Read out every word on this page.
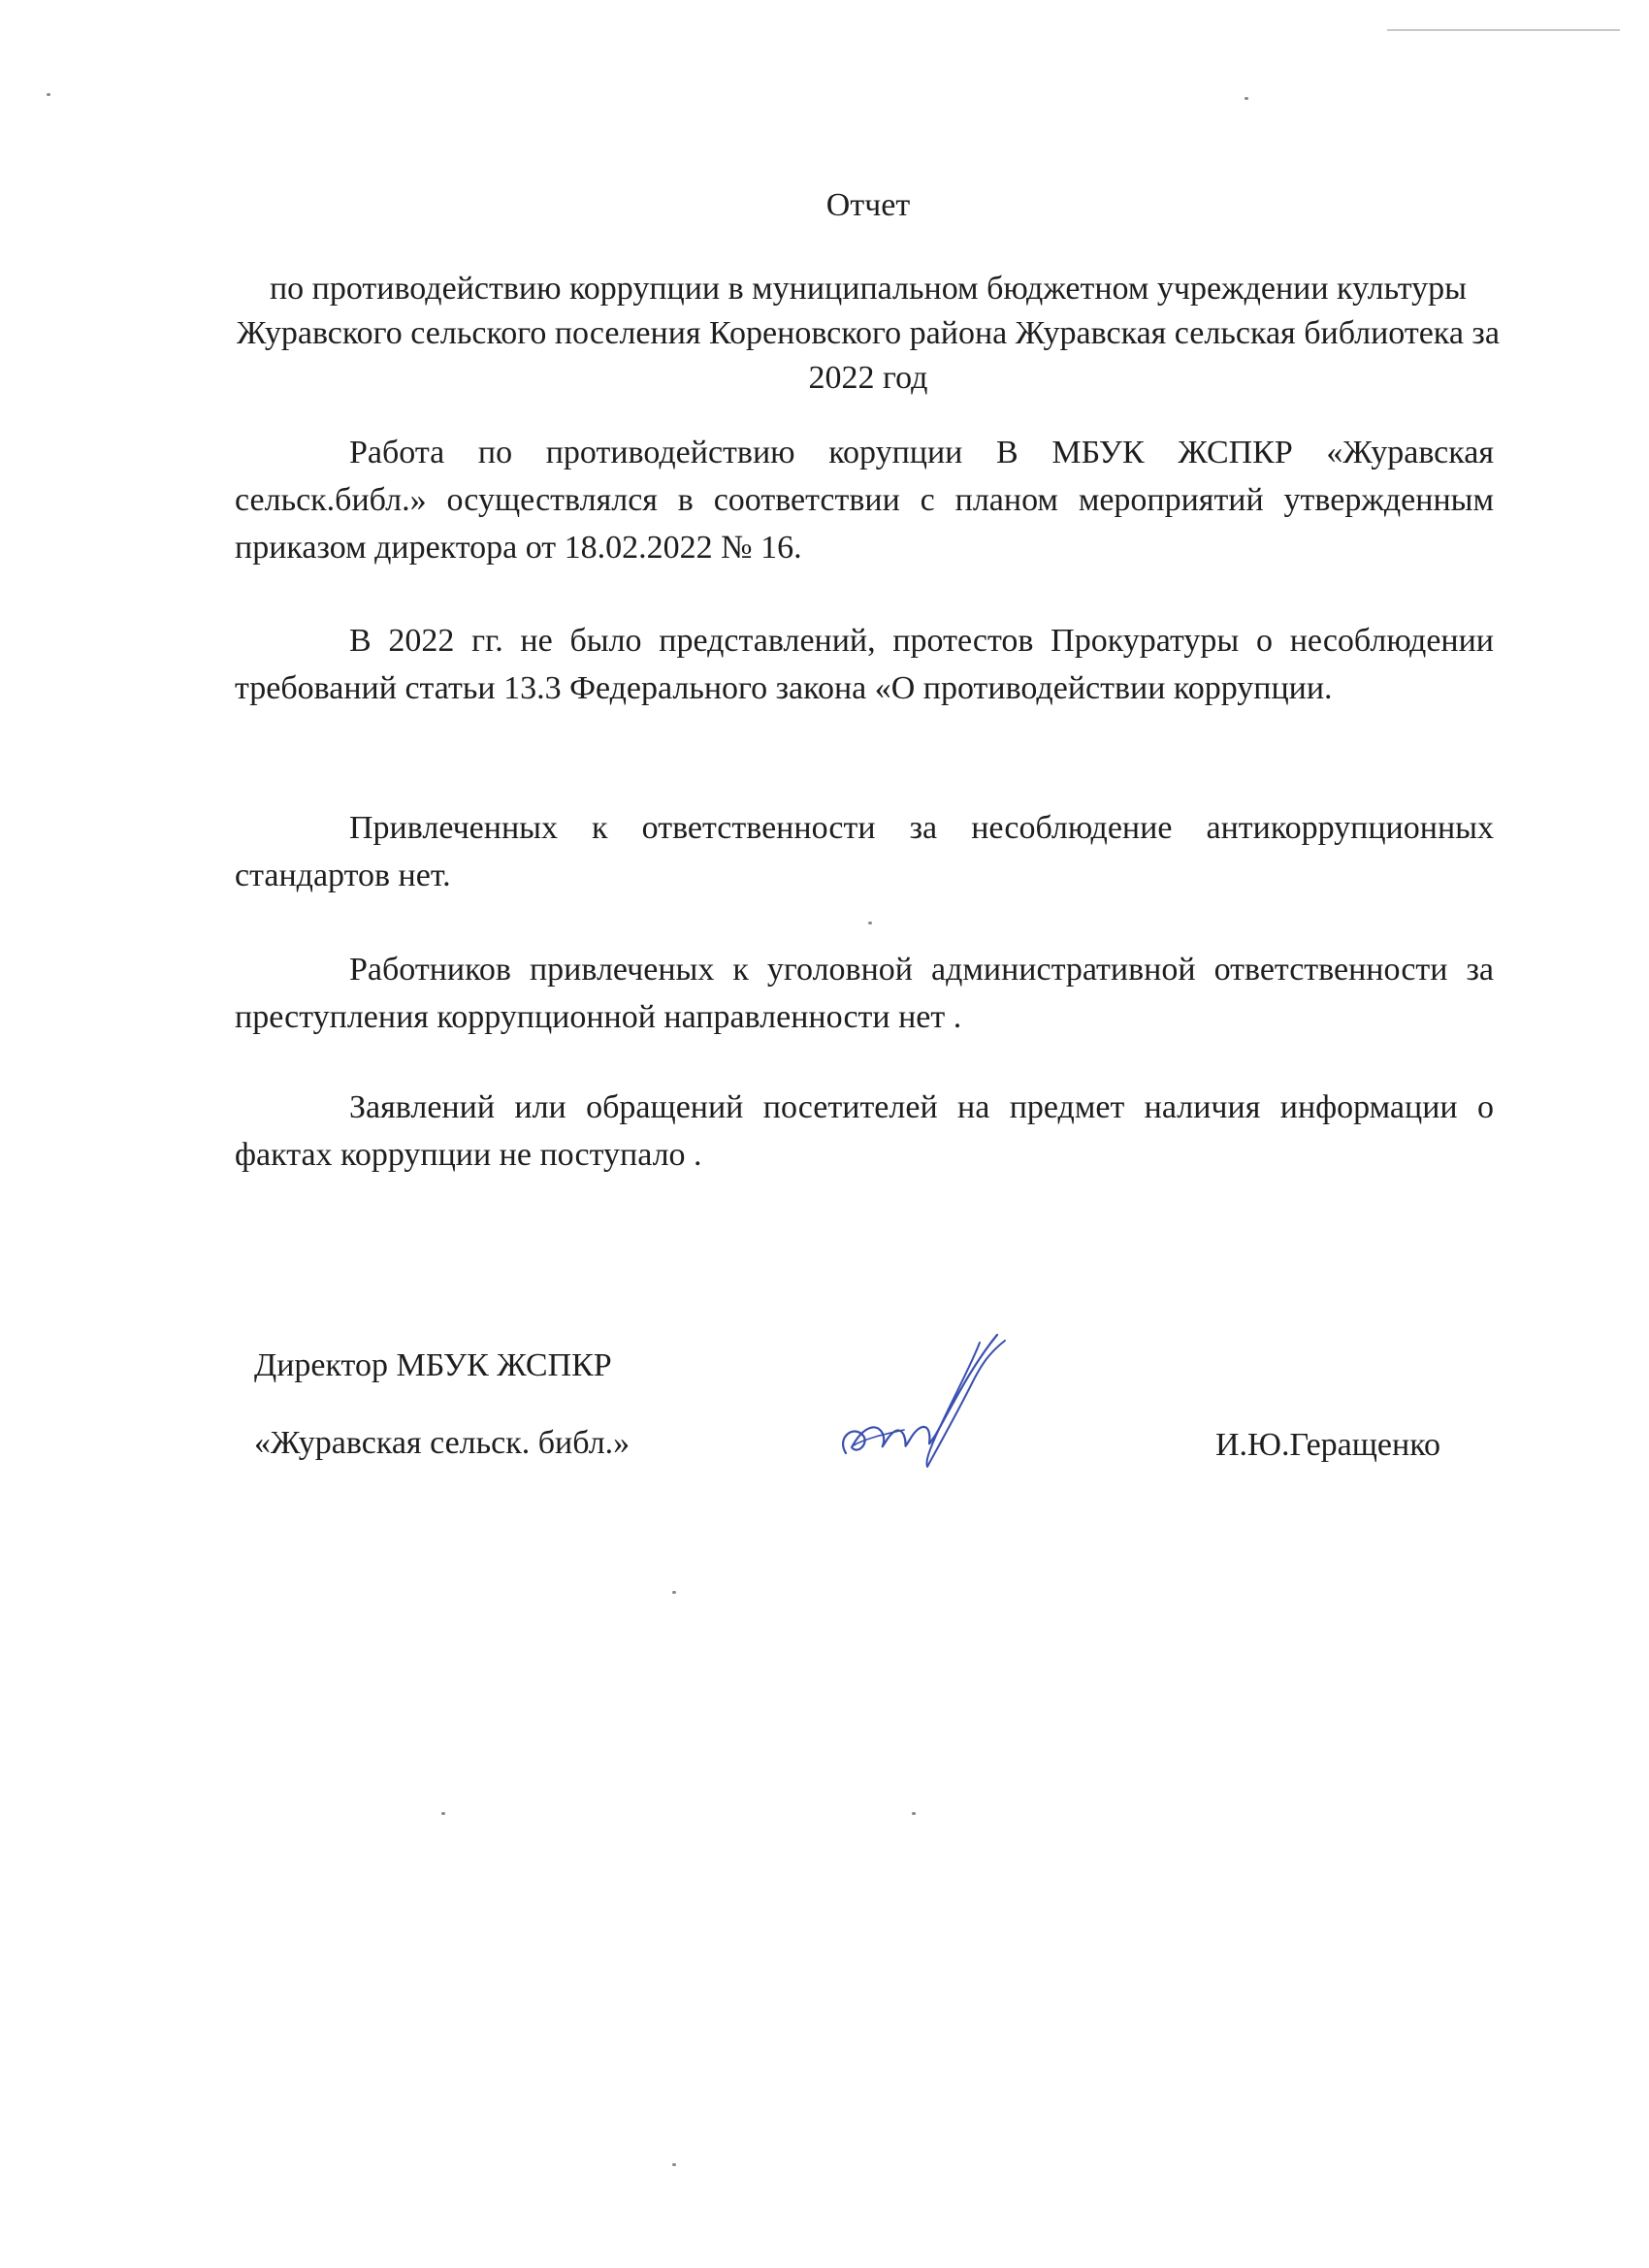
Отчет
по противодействию коррупции в муниципальном бюджетном учреждении культуры Журавского сельского поселения Кореновского района Журавская сельская библиотека за 2022 год

Работа по противодействию корупции В МБУК ЖСПКР «Журавская сельск.библ.» осуществлялся в соответствии с планом мероприятий утвержденным приказом директора от 18.02.2022 № 16.

В 2022 гг. не было представлений, протестов Прокуратуры о несоблюдении требований статьи 13.3 Федерального закона «О противодействии коррупции.

Привлеченных к ответственности за несоблюдение антикоррупционных стандартов нет.

Работников привлеченых к уголовной административной ответственности за преступления коррупционной направленности нет .

Заявлений или обращений посетителей на предмет наличия информации о фактах коррупции не поступало .

Директор МБУК ЖСПКР
«Журавская сельск. библ.»	И.Ю.Геращенко
